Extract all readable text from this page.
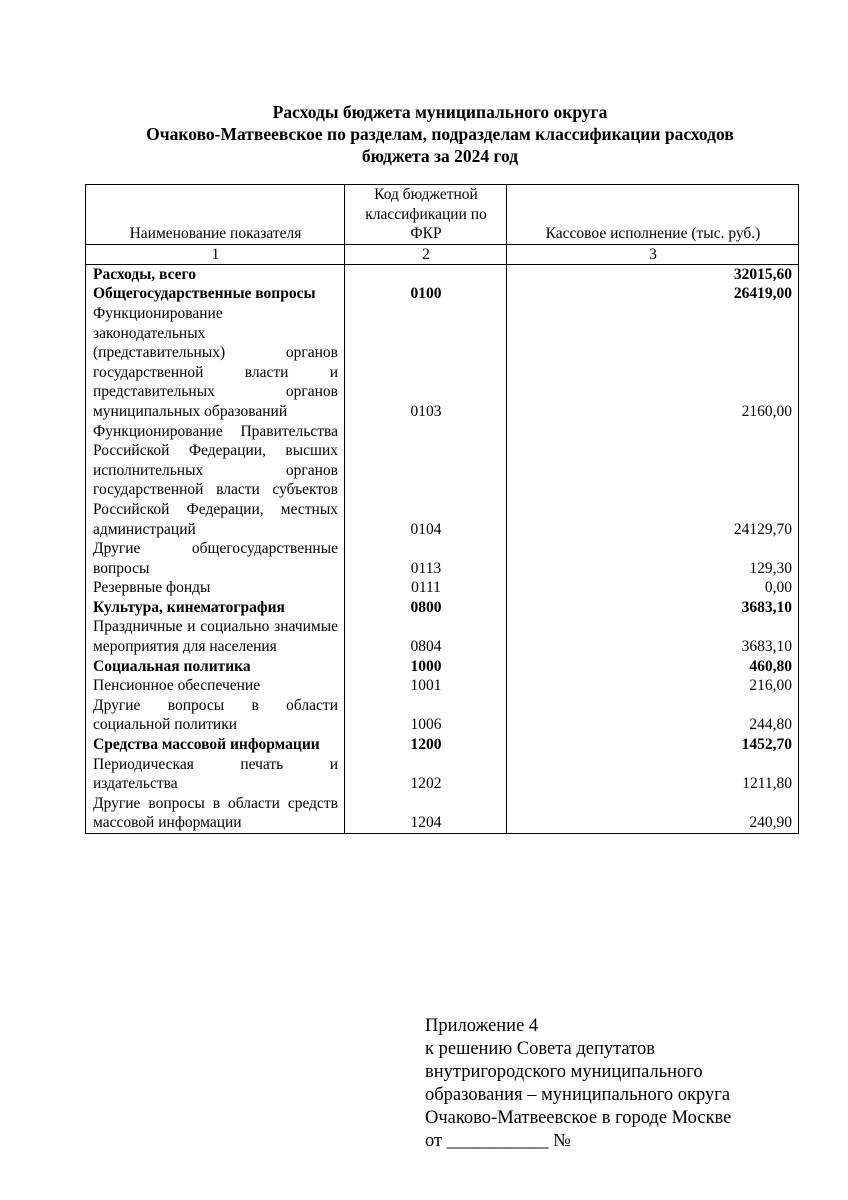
Расходы бюджета муниципального округа
Очаково-Матвеевское по разделам, подразделам классификации расходов
бюджета за 2024 год
Наименование показателя	Код бюджетной классификации по ФКР	Кассовое исполнение (тыс. руб.)
1	2	3
Расходы, всего		32015,60
Общегосударственные вопросы	0100	26419,00
Функционирование законодательных (представительных) органов государственной власти и представительных органов муниципальных образований	0103	2160,00
Функционирование Правительства Российской Федерации, высших исполнительных органов государственной власти субъектов Российской Федерации, местных администраций	0104	24129,70
Другие общегосударственные вопросы	0113	129,30
Резервные фонды	0111	0,00
Культура, кинематография	0800	3683,10
Праздничные и социально значимые мероприятия для населения	0804	3683,10
Социальная политика	1000	460,80
Пенсионное обеспечение	1001	216,00
Другие вопросы в области социальной политики	1006	244,80
Средства массовой информации	1200	1452,70
Периодическая печать и издательства	1202	1211,80
Другие вопросы в области средств массовой информации	1204	240,90
Приложение 4
к решению Совета депутатов
внутригородского муниципального
образования – муниципального округа
Очаково-Матвеевское в городе Москве
от ___________ №
